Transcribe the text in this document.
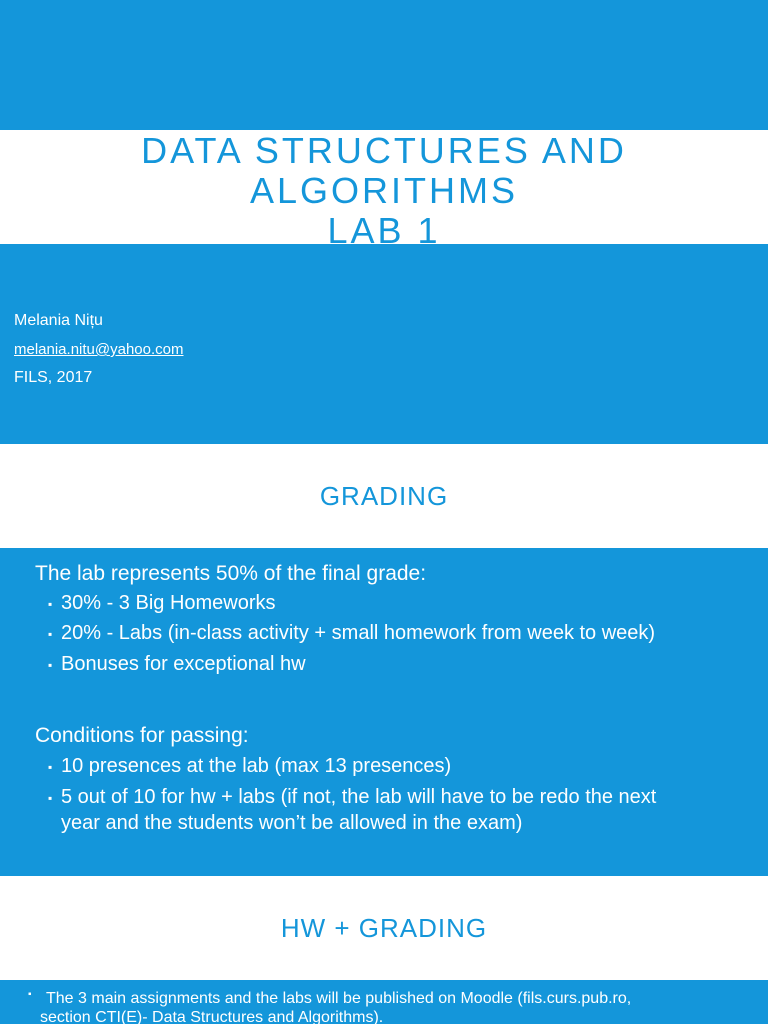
DATA STRUCTURES AND
ALGORITHMS
LAB 1
Melania Nițu
melania.nitu@yahoo.com
FILS, 2017
GRADING
The lab represents 50% of the final grade:
▪ 30% - 3 Big Homeworks
▪ 20% - Labs (in-class activity + small homework from week to week)
▪ Bonuses for exceptional hw
Conditions for passing:
▪ 10 presences at the lab (max 13 presences)
▪ 5 out of 10 for hw + labs (if not, the lab will have to be redo the next
year and the students won’t be allowed in the exam)
HW + GRADING
▪ The 3 main assignments and the labs will be published on Moodle (fils.curs.pub.ro,
section CTI(E)- Data Structures and Algorithms).
